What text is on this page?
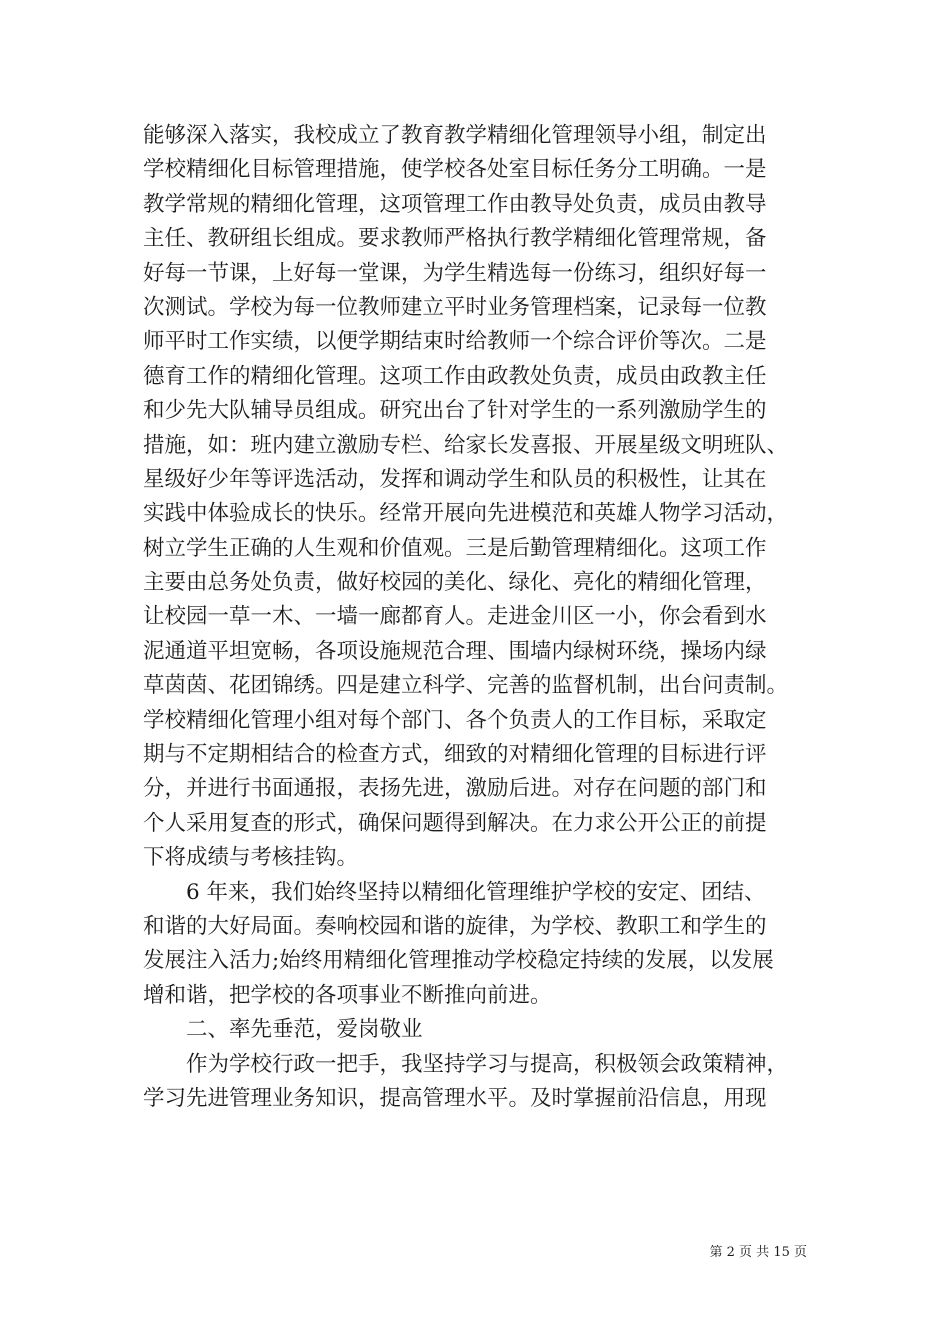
能够深入落实，我校成立了教育教学精细化管理领导小组，制定出
学校精细化目标管理措施，使学校各处室目标任务分工明确。一是
教学常规的精细化管理，这项管理工作由教导处负责，成员由教导
主任、教研组长组成。要求教师严格执行教学精细化管理常规，备
好每一节课，上好每一堂课，为学生精选每一份练习，组织好每一
次测试。学校为每一位教师建立平时业务管理档案，记录每一位教
师平时工作实绩，以便学期结束时给教师一个综合评价等次。二是
德育工作的精细化管理。这项工作由政教处负责，成员由政教主任
和少先大队辅导员组成。研究出台了针对学生的一系列激励学生的
措施，如：班内建立激励专栏、给家长发喜报、开展星级文明班队、
星级好少年等评选活动，发挥和调动学生和队员的积极性，让其在
实践中体验成长的快乐。经常开展向先进模范和英雄人物学习活动，
树立学生正确的人生观和价值观。三是后勤管理精细化。这项工作
主要由总务处负责，做好校园的美化、绿化、亮化的精细化管理，
让校园一草一木、一墙一廊都育人。走进金川区一小，你会看到水
泥通道平坦宽畅，各项设施规范合理、围墙内绿树环绕，操场内绿
草茵茵、花团锦绣。四是建立科学、完善的监督机制，出台问责制。
学校精细化管理小组对每个部门、各个负责人的工作目标，采取定
期与不定期相结合的检查方式，细致的对精细化管理的目标进行评
分，并进行书面通报，表扬先进，激励后进。对存在问题的部门和
个人采用复查的形式，确保问题得到解决。在力求公开公正的前提
下将成绩与考核挂钩。
6 年来，我们始终坚持以精细化管理维护学校的安定、团结、
和谐的大好局面。奏响校园和谐的旋律，为学校、教职工和学生的
发展注入活力;始终用精细化管理推动学校稳定持续的发展，以发展
增和谐，把学校的各项事业不断推向前进。
二、率先垂范，爱岗敬业
作为学校行政一把手，我坚持学习与提高，积极领会政策精神，
学习先进管理业务知识，提高管理水平。及时掌握前沿信息，用现
第 2 页 共 15 页
